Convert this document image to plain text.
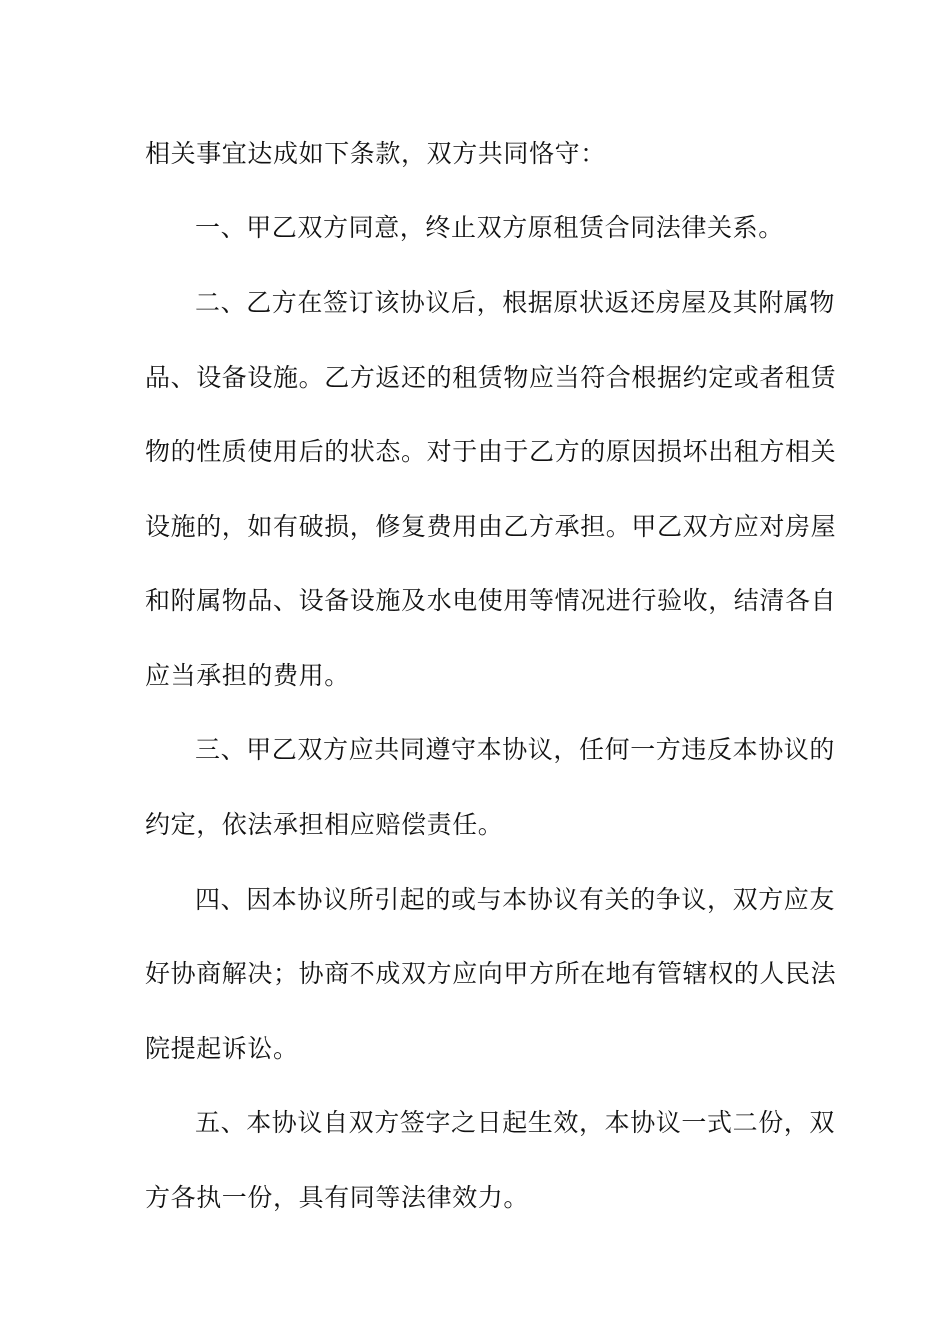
相关事宜达成如下条款，双方共同恪守：
一、甲乙双方同意，终止双方原租赁合同法律关系。
二、乙方在签订该协议后，根据原状返还房屋及其附属物
品、设备设施。乙方返还的租赁物应当符合根据约定或者租赁
物的性质使用后的状态。对于由于乙方的原因损坏出租方相关
设施的，如有破损，修复费用由乙方承担。甲乙双方应对房屋
和附属物品、设备设施及水电使用等情况进行验收，结清各自
应当承担的费用。
三、甲乙双方应共同遵守本协议，任何一方违反本协议的
约定，依法承担相应赔偿责任。
四、因本协议所引起的或与本协议有关的争议，双方应友
好协商解决；协商不成双方应向甲方所在地有管辖权的人民法
院提起诉讼。
五、本协议自双方签字之日起生效，本协议一式二份，双
方各执一份，具有同等法律效力。
